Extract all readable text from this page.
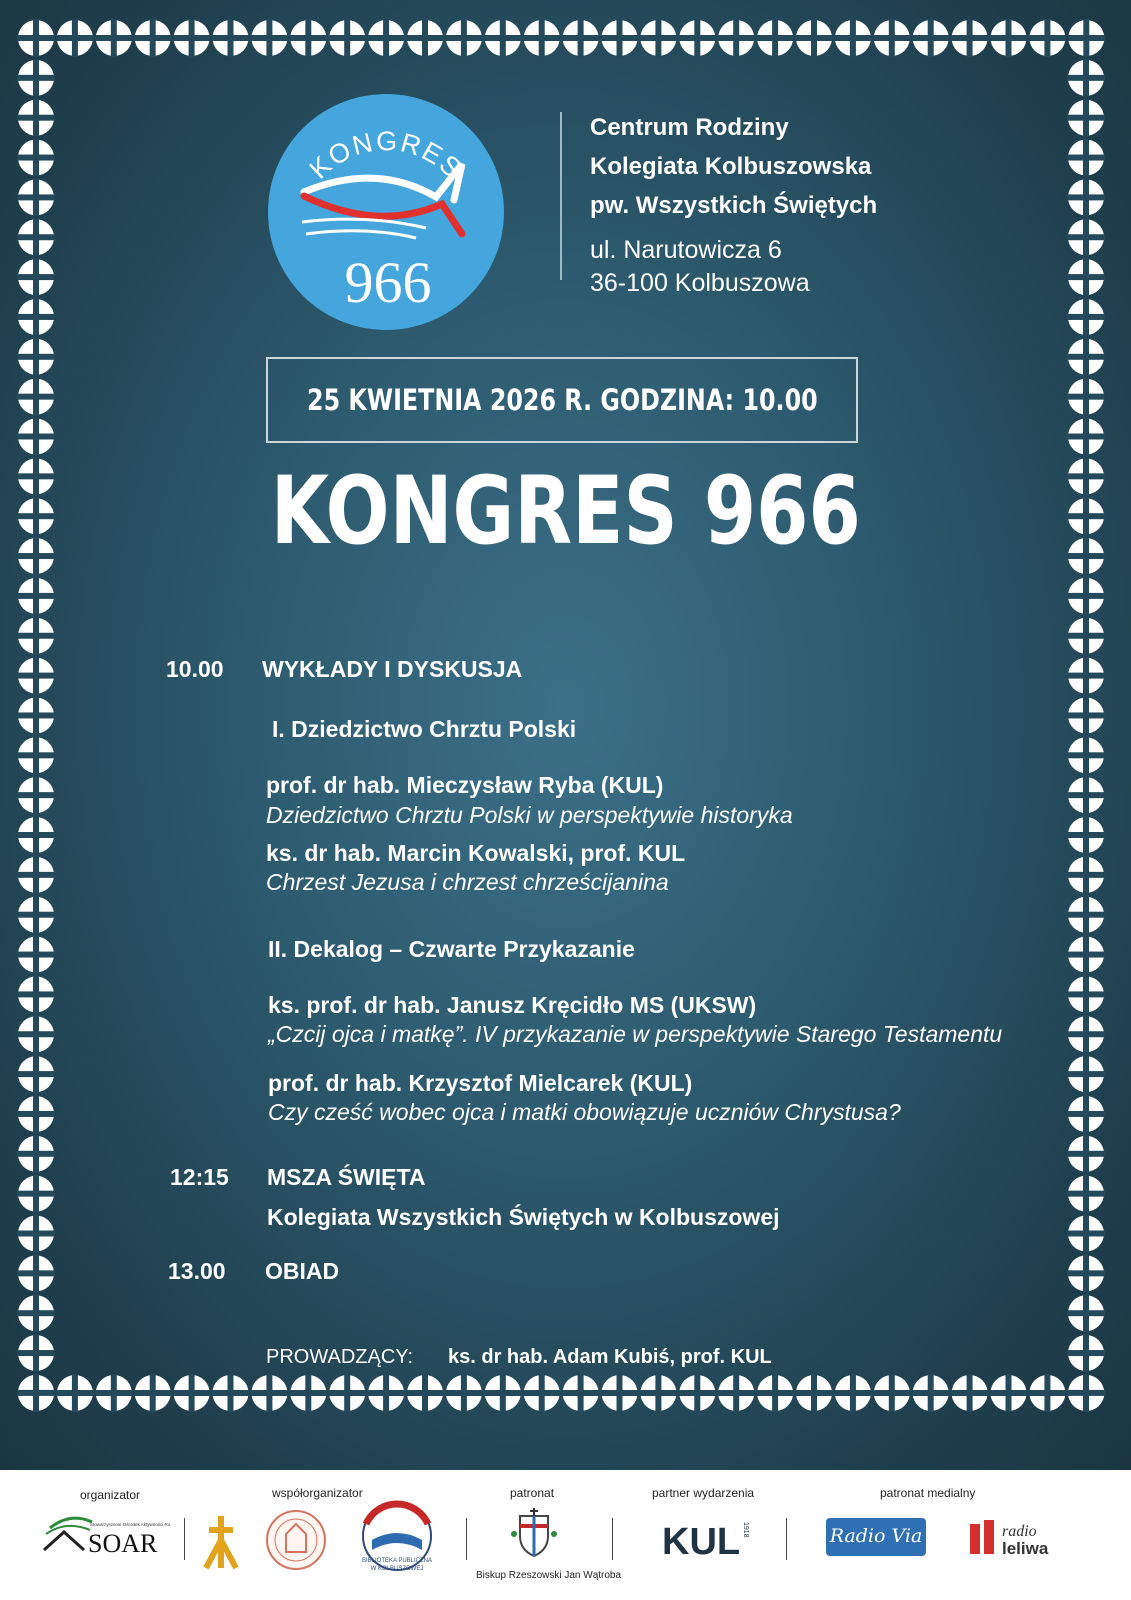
KONGRES
966
Centrum Rodziny
Kolegiata Kolbuszowska
pw. Wszystkich Świętych
ul. Narutowicza 6
36-100 Kolbuszowa
25 KWIETNIA 2026 R. GODZINA: 10.00
KONGRES 966
10.00 WYKŁADY I DYSKUSJA
I. Dziedzictwo Chrztu Polski
prof. dr hab. Mieczysław Ryba (KUL)
Dziedzictwo Chrztu Polski w perspektywie historyka
ks. dr hab. Marcin Kowalski, prof. KUL
Chrzest Jezusa i chrzest chrześcijanina
II. Dekalog – Czwarte Przykazanie
ks. prof. dr hab. Janusz Kręcidło MS (UKSW)
„Czcij ojca i matkę”. IV przykazanie w perspektywie Starego Testamentu
prof. dr hab. Krzysztof Mielcarek (KUL)
Czy cześć wobec ojca i matki obowiązuje uczniów Chrystusa?
12:15 MSZA ŚWIĘTA
Kolegiata Wszystkich Świętych w Kolbuszowej
13.00 OBIAD
PROWADZĄCY: ks. dr hab. Adam Kubiś, prof. KUL
organizator
SOAR
Stowarzyszenie Ośrodek Aktywności Rodzin
współorganizator
BIBLIOTEKA PUBLICZNA
W KOLBUSZOWEJ
patronat
Biskup Rzeszowski Jan Wątroba
partner wydarzenia
KUL 1918
patronat medialny
Radio Via	radio
leliwa
